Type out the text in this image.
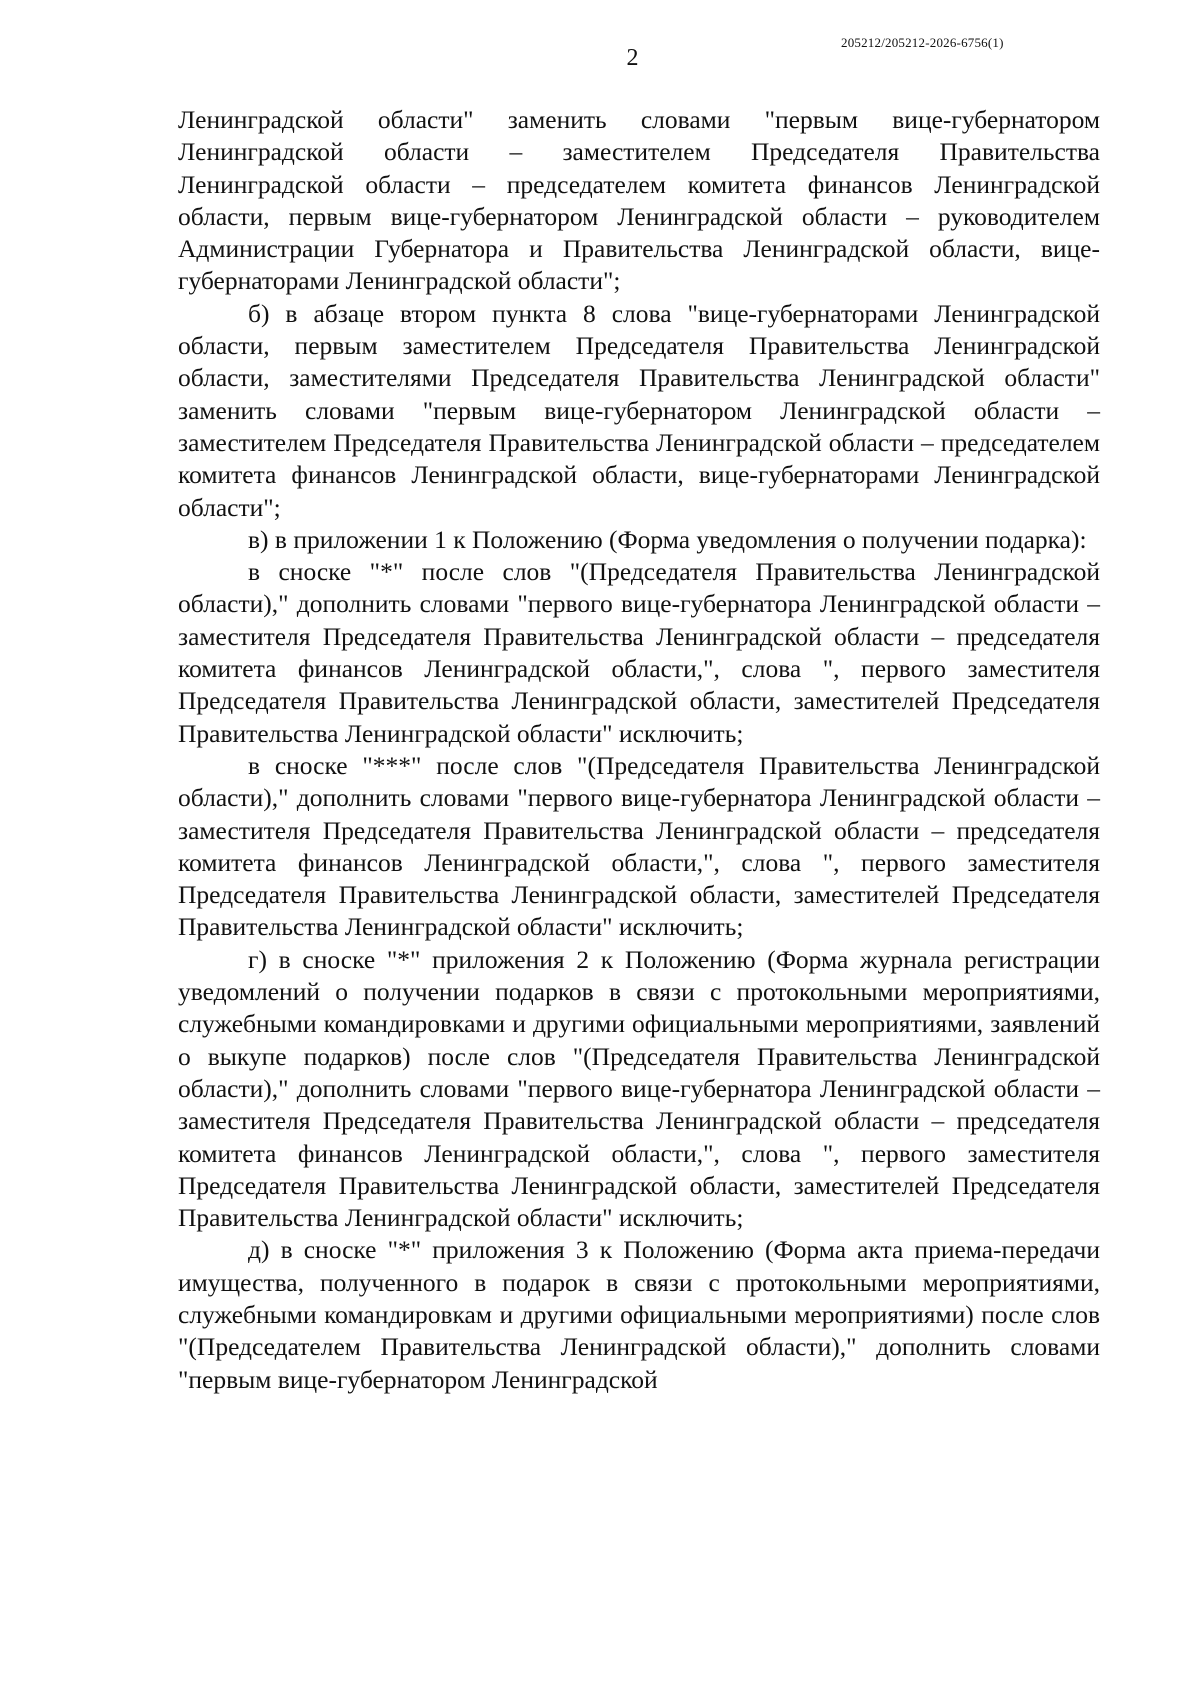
2
205212/205212-2026-6756(1)

Ленинградской области" заменить словами "первым вице-губернатором Ленинградской области – заместителем Председателя Правительства Ленинградской области – председателем комитета финансов Ленинградской области, первым вице-губернатором Ленинградской области – руководителем Администрации Губернатора и Правительства Ленинградской области, вице-губернаторами Ленинградской области";

б) в абзаце втором пункта 8 слова "вице-губернаторами Ленинградской области, первым заместителем Председателя Правительства Ленинградской области, заместителями Председателя Правительства Ленинградской области" заменить словами "первым вице-губернатором Ленинградской области – заместителем Председателя Правительства Ленинградской области – председателем комитета финансов Ленинградской области, вице-губернаторами Ленинградской области";

в) в приложении 1 к Положению (Форма уведомления о получении подарка):

в сноске "*" после слов "(Председателя Правительства Ленинградской области)," дополнить словами "первого вице-губернатора Ленинградской области – заместителя Председателя Правительства Ленинградской области – председателя комитета финансов Ленинградской области,", слова ", первого заместителя Председателя Правительства Ленинградской области, заместителей Председателя Правительства Ленинградской области" исключить;

в сноске "***" после слов "(Председателя Правительства Ленинградской области)," дополнить словами "первого вице-губернатора Ленинградской области – заместителя Председателя Правительства Ленинградской области – председателя комитета финансов Ленинградской области,", слова ", первого заместителя Председателя Правительства Ленинградской области, заместителей Председателя Правительства Ленинградской области" исключить;

г) в сноске "*" приложения 2 к Положению (Форма журнала регистрации уведомлений о получении подарков в связи с протокольными мероприятиями, служебными командировками и другими официальными мероприятиями, заявлений о выкупе подарков) после слов "(Председателя Правительства Ленинградской области)," дополнить словами "первого вице-губернатора Ленинградской области – заместителя Председателя Правительства Ленинградской области – председателя комитета финансов Ленинградской области,", слова ", первого заместителя Председателя Правительства Ленинградской области, заместителей Председателя Правительства Ленинградской области" исключить;

д) в сноске "*" приложения 3 к Положению (Форма акта приема-передачи имущества, полученного в подарок в связи с протокольными мероприятиями, служебными командировкам и другими официальными мероприятиями) после слов "(Председателем Правительства Ленинградской области)," дополнить словами "первым вице-губернатором Ленинградской
